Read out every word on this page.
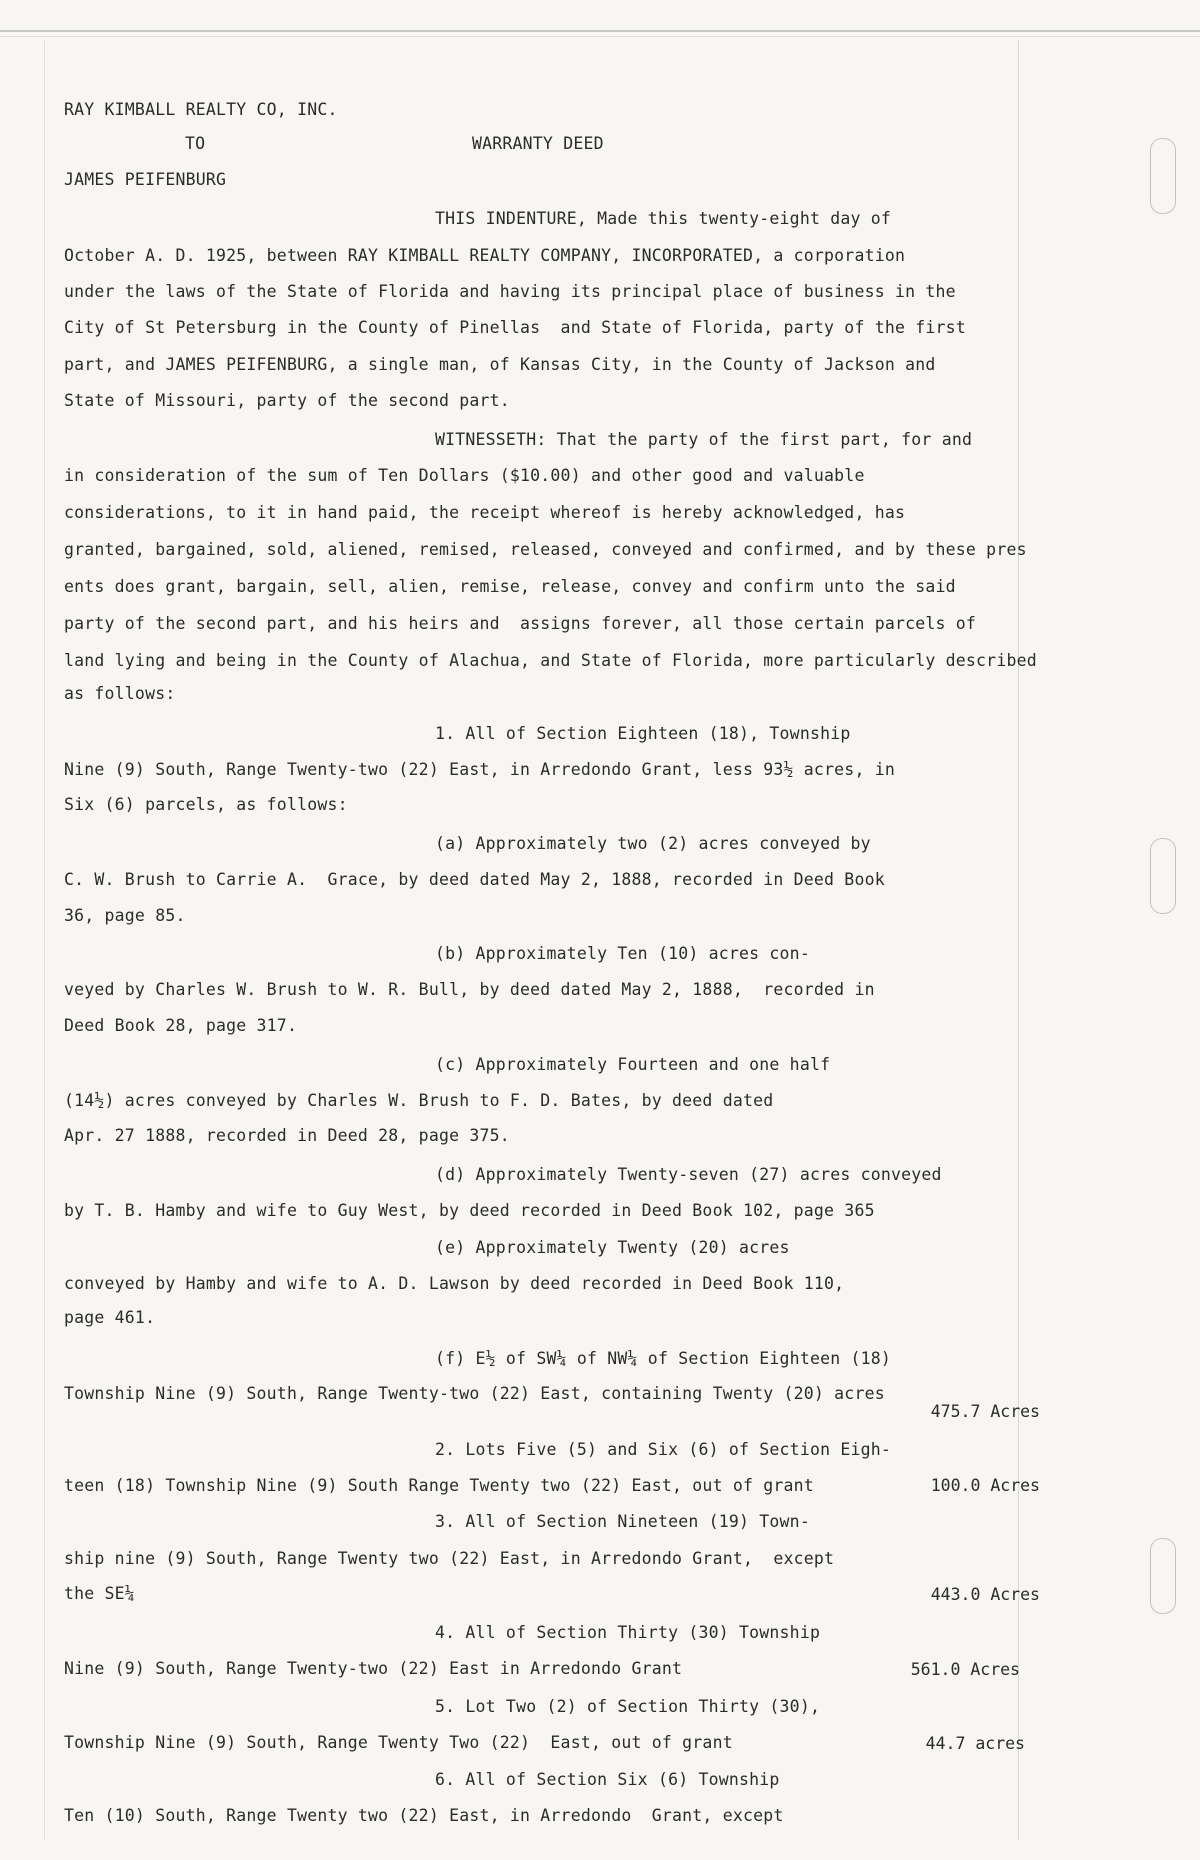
RAY KIMBALL REALTY CO, INC.
TO	WARRANTY DEED
JAMES PEIFENBURG
THIS INDENTURE, Made this twenty-eight day of
October A. D. 1925, between RAY KIMBALL REALTY COMPANY, INCORPORATED, a corporation
under the laws of the State of Florida and having its principal place of business in the
City of St Petersburg in the County of Pinellas  and State of Florida, party of the first
part, and JAMES PEIFENBURG, a single man, of Kansas City, in the County of Jackson and
State of Missouri, party of the second part.
WITNESSETH: That the party of the first part, for and
in consideration of the sum of Ten Dollars ($10.00) and other good and valuable
considerations, to it in hand paid, the receipt whereof is hereby acknowledged, has
granted, bargained, sold, aliened, remised, released, conveyed and confirmed, and by these pres
ents does grant, bargain, sell, alien, remise, release, convey and confirm unto the said
party of the second part, and his heirs and  assigns forever, all those certain parcels of
land lying and being in the County of Alachua, and State of Florida, more particularly described
as follows:
1. All of Section Eighteen (18), Township
Nine (9) South, Range Twenty-two (22) East, in Arredondo Grant, less 93½ acres, in
Six (6) parcels, as follows:
(a) Approximately two (2) acres conveyed by
C. W. Brush to Carrie A.  Grace, by deed dated May 2, 1888, recorded in Deed Book
36, page 85.
(b) Approximately Ten (10) acres con-
veyed by Charles W. Brush to W. R. Bull, by deed dated May 2, 1888,  recorded in
Deed Book 28, page 317.
(c) Approximately Fourteen and one half
(14½) acres conveyed by Charles W. Brush to F. D. Bates, by deed dated
Apr. 27 1888, recorded in Deed 28, page 375.
(d) Approximately Twenty-seven (27) acres conveyed
by T. B. Hamby and wife to Guy West, by deed recorded in Deed Book 102, page 365
(e) Approximately Twenty (20) acres
conveyed by Hamby and wife to A. D. Lawson by deed recorded in Deed Book 110,
page 461.
(f) E½ of SW¼ of NW¼ of Section Eighteen (18)
Township Nine (9) South, Range Twenty-two (22) East, containing Twenty (20) acres
2. Lots Five (5) and Six (6) of Section Eigh-
teen (18) Township Nine (9) South Range Twenty two (22) East, out of grant
3. All of Section Nineteen (19) Town-
ship nine (9) South, Range Twenty two (22) East, in Arredondo Grant,  except
the SE¼
4. All of Section Thirty (30) Township
Nine (9) South, Range Twenty-two (22) East in Arredondo Grant
5. Lot Two (2) of Section Thirty (30),
Township Nine (9) South, Range Twenty Two (22)  East, out of grant
6. All of Section Six (6) Township
Ten (10) South, Range Twenty two (22) East, in Arredondo  Grant, except
475.7 Acres
100.0 Acres
443.0 Acres
561.0 Acres
44.7 acres
